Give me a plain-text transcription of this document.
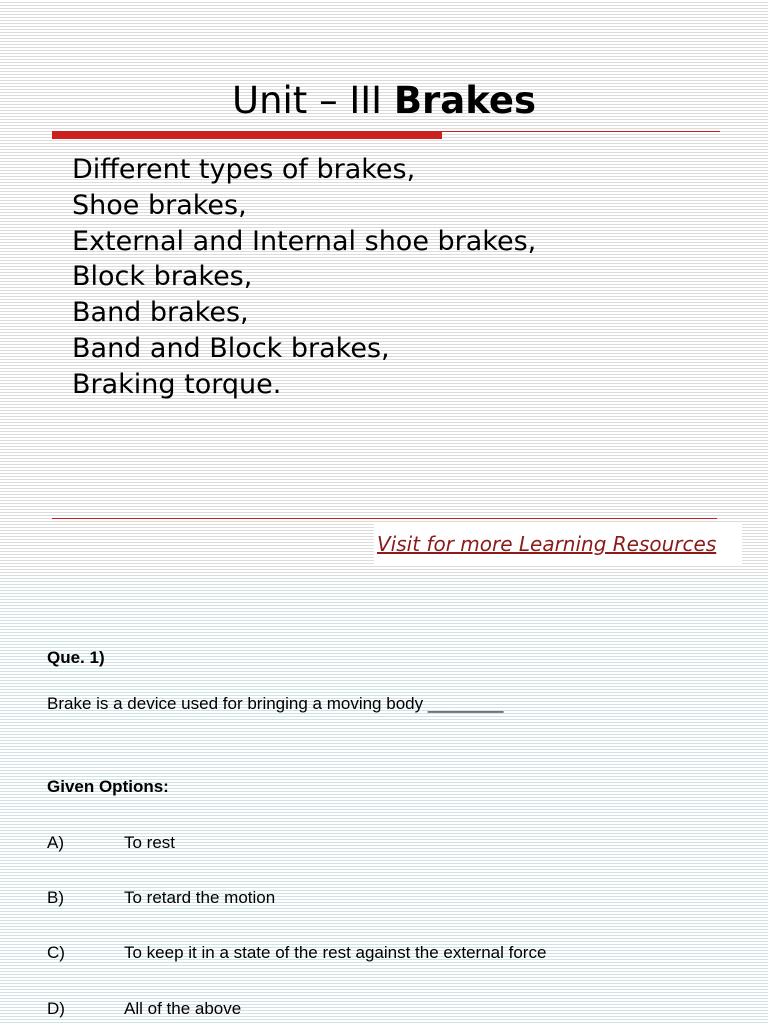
Unit – III Brakes
Different types of brakes,
Shoe brakes,
External and Internal shoe brakes,
Block brakes,
Band brakes,
Band and Block brakes,
Braking torque.
Visit for more Learning Resources
Que. 1)
Brake is a device used for bringing a moving body ________
Given Options:
A)	To rest
B)	To retard the motion
C)	To keep it in a state of the rest against the external force
D)	All of the above
